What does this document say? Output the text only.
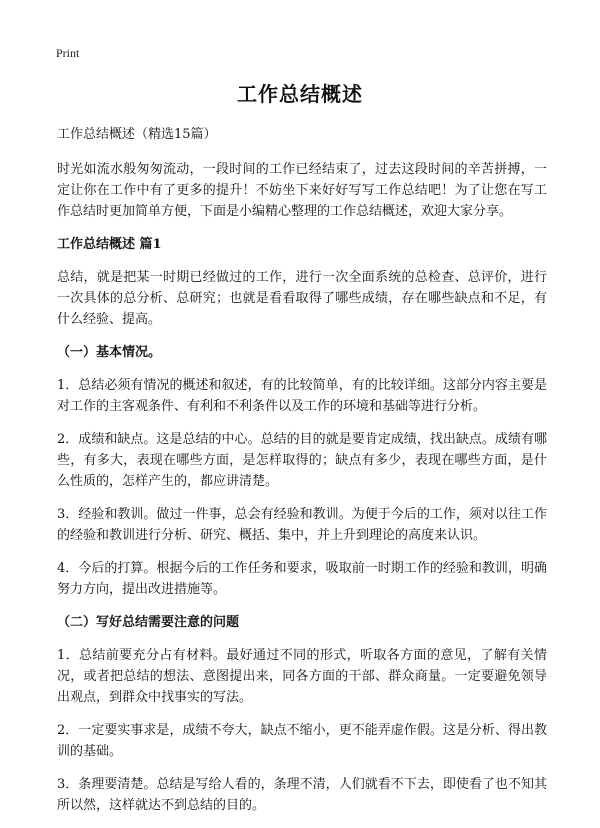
Print
工作总结概述

工作总结概述（精选15篇）

时光如流水般匆匆流动，一段时间的工作已经结束了，过去这段时间的辛苦拼搏，一定让你在工作中有了更多的提升！不妨坐下来好好写写工作总结吧！为了让您在写工作总结时更加简单方便，下面是小编精心整理的工作总结概述，欢迎大家分享。

工作总结概述 篇1

总结，就是把某一时期已经做过的工作，进行一次全面系统的总检查、总评价，进行一次具体的总分析、总研究；也就是看看取得了哪些成绩，存在哪些缺点和不足，有什么经验、提高。

（一）基本情况。

1．总结必须有情况的概述和叙述，有的比较简单，有的比较详细。这部分内容主要是对工作的主客观条件、有利和不利条件以及工作的环境和基础等进行分析。

2．成绩和缺点。这是总结的中心。总结的目的就是要肯定成绩，找出缺点。成绩有哪些，有多大，表现在哪些方面，是怎样取得的；缺点有多少，表现在哪些方面，是什么性质的，怎样产生的，都应讲清楚。

3．经验和教训。做过一件事，总会有经验和教训。为便于今后的工作，须对以往工作的经验和教训进行分析、研究、概括、集中，并上升到理论的高度来认识。

4．今后的打算。根据今后的工作任务和要求，吸取前一时期工作的经验和教训，明确努力方向，提出改进措施等。

（二）写好总结需要注意的问题

1．总结前要充分占有材料。最好通过不同的形式，听取各方面的意见，了解有关情况，或者把总结的想法、意图提出来，同各方面的干部、群众商量。一定要避免领导出观点，到群众中找事实的写法。

2．一定要实事求是，成绩不夸大，缺点不缩小，更不能弄虚作假。这是分析、得出教训的基础。

3．条理要清楚。总结是写给人看的，条理不清，人们就看不下去，即使看了也不知其所以然，这样就达不到总结的目的。
